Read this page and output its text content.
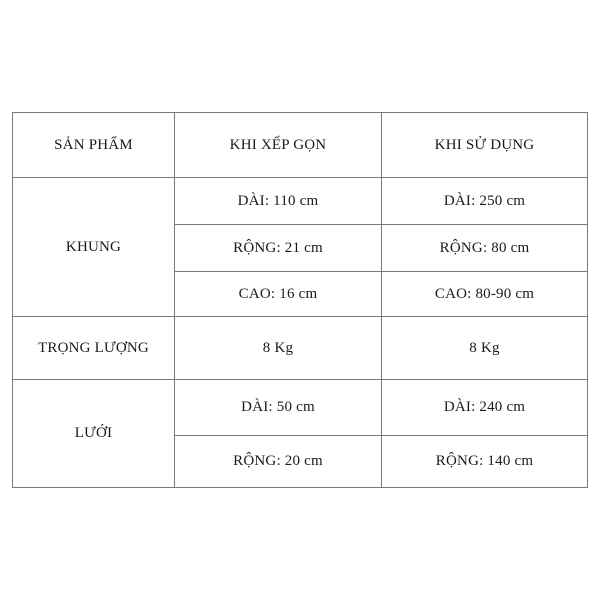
SẢN PHẨM	KHI XẾP GỌN	KHI SỬ DỤNG
KHUNG	DÀI: 110 cm	DÀI: 250 cm
	RỘNG: 21 cm	RỘNG: 80 cm
	CAO: 16 cm	CAO: 80-90 cm
TRỌNG LƯỢNG	8 Kg	8 Kg
LƯỚI	DÀI: 50 cm	DÀI: 240 cm
	RỘNG: 20 cm	RỘNG: 140 cm
